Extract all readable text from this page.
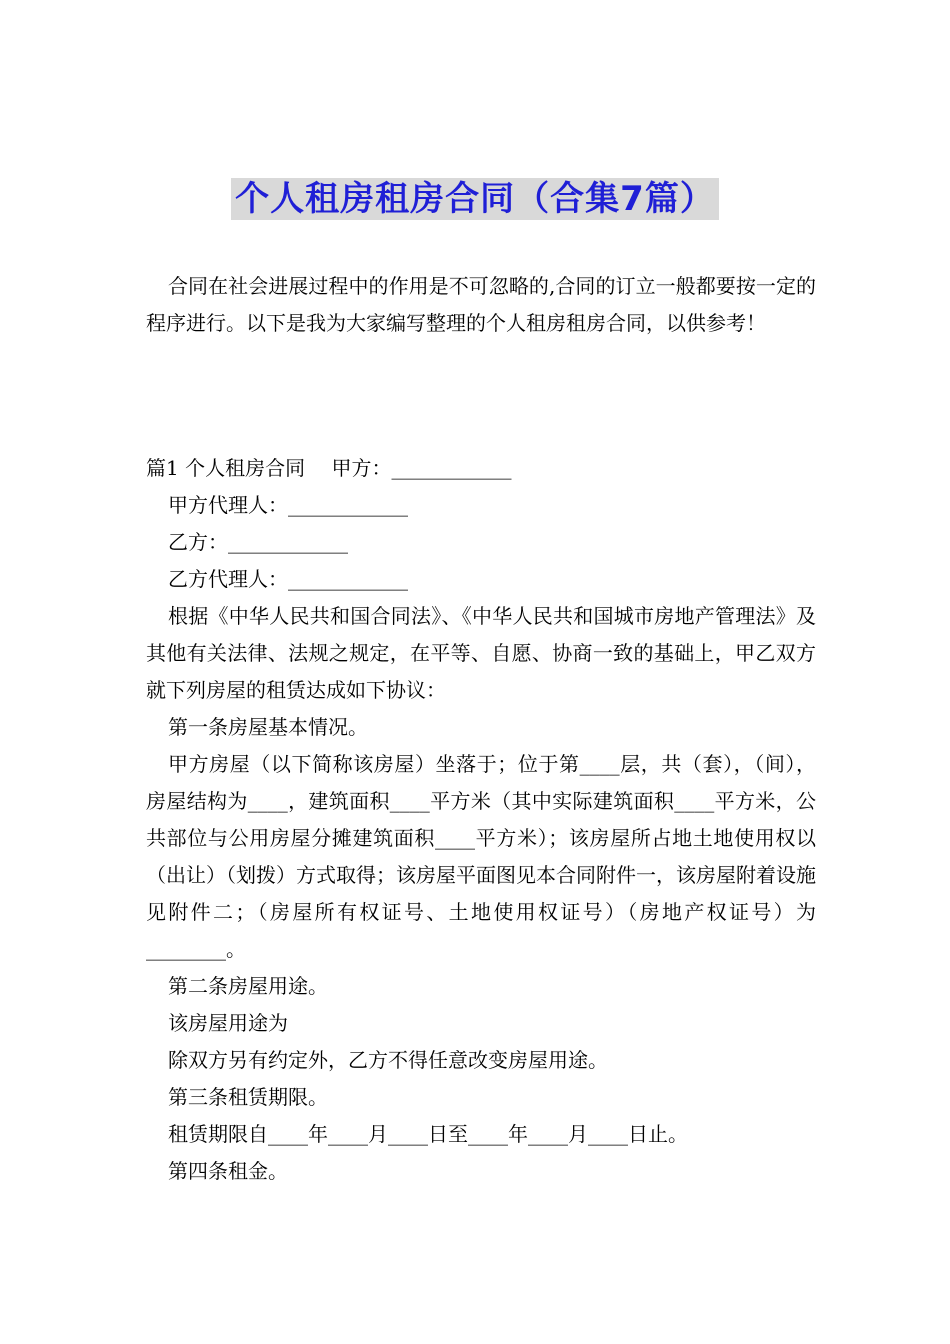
个人租房租房合同（合集7篇）

合同在社会进展过程中的作用是不可忽略的,合同的订立一般都要按一定的程序进行。以下是我为大家编写整理的个人租房租房合同，以供参考！

篇1 个人租房合同　 甲方：____________

甲方代理人：____________

乙方：____________

乙方代理人：____________

根据《中华人民共和国合同法》、《中华人民共和国城市房地产管理法》及其他有关法律、法规之规定，在平等、自愿、协商一致的基础上，甲乙双方就下列房屋的租赁达成如下协议：

第一条房屋基本情况。

甲方房屋（以下简称该房屋）坐落于；位于第____层，共（套），（间），房屋结构为____，建筑面积____平方米（其中实际建筑面积____平方米，公共部位与公用房屋分摊建筑面积____平方米）；该房屋所占地土地使用权以（出让）（划拨）方式取得；该房屋平面图见本合同附件一，该房屋附着设施见附件二；（房屋所有权证号、土地使用权证号）（房地产权证号）为________。

第二条房屋用途。

该房屋用途为

除双方另有约定外，乙方不得任意改变房屋用途。

第三条租赁期限。

租赁期限自____年____月____日至____年____月____日止。

第四条租金。
